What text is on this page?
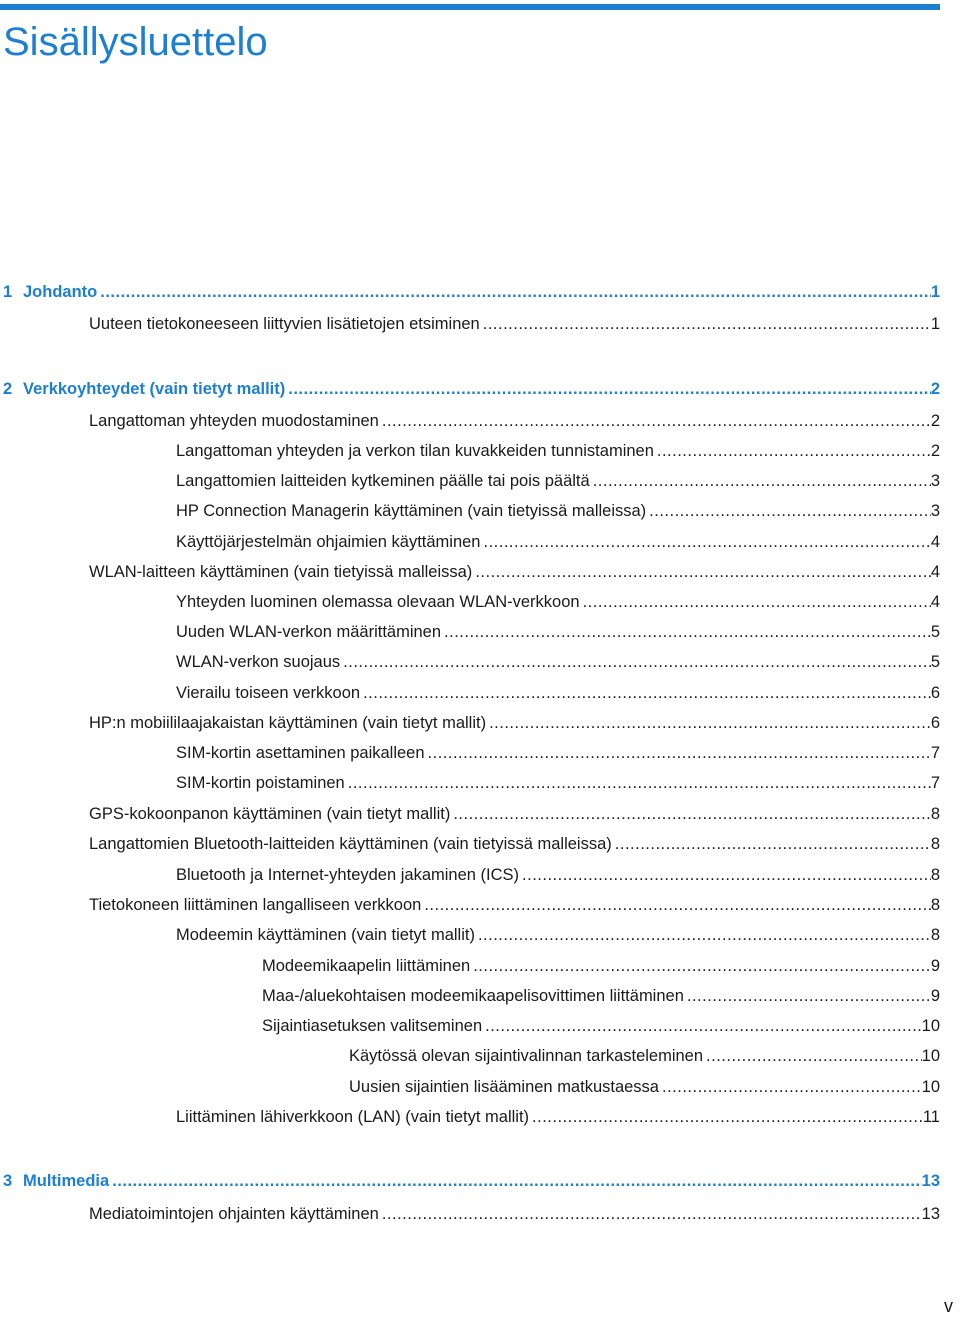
Sisällysluettelo
1 Johdanto .....	1
Uuteen tietokoneeseen liittyvien lisätietojen etsiminen .....	1
2 Verkkoyhteydet (vain tietyt mallit) .....	2
Langattoman yhteyden muodostaminen .....	2
Langattoman yhteyden ja verkon tilan kuvakkeiden tunnistaminen .....	2
Langattomien laitteiden kytkeminen päälle tai pois päältä .....	3
HP Connection Managerin käyttäminen (vain tietyissä malleissa) .....	3
Käyttöjärjestelmän ohjaimien käyttäminen .....	4
WLAN-laitteen käyttäminen (vain tietyissä malleissa) .....	4
Yhteyden luominen olemassa olevaan WLAN-verkkoon .....	4
Uuden WLAN-verkon määrittäminen .....	5
WLAN-verkon suojaus .....	5
Vierailu toiseen verkkoon .....	6
HP:n mobiililaajakaistan käyttäminen (vain tietyt mallit) .....	6
SIM-kortin asettaminen paikalleen .....	7
SIM-kortin poistaminen .....	7
GPS-kokoonpanon käyttäminen (vain tietyt mallit) .....	8
Langattomien Bluetooth-laitteiden käyttäminen (vain tietyissä malleissa) .....	8
Bluetooth ja Internet-yhteyden jakaminen (ICS) .....	8
Tietokoneen liittäminen langalliseen verkkoon .....	8
Modeemin käyttäminen (vain tietyt mallit) .....	8
Modeemikaapelin liittäminen .....	9
Maa-/aluekohtaisen modeemikaapelisovittimen liittäminen .....	9
Sijaintiasetuksen valitseminen .....	10
Käytössä olevan sijaintivalinnan tarkasteleminen .....	10
Uusien sijaintien lisääminen matkustaessa .....	10
Liittäminen lähiverkkoon (LAN) (vain tietyt mallit) .....	11
3 Multimedia .....	13
Mediatoimintojen ohjainten käyttäminen .....	13
v
